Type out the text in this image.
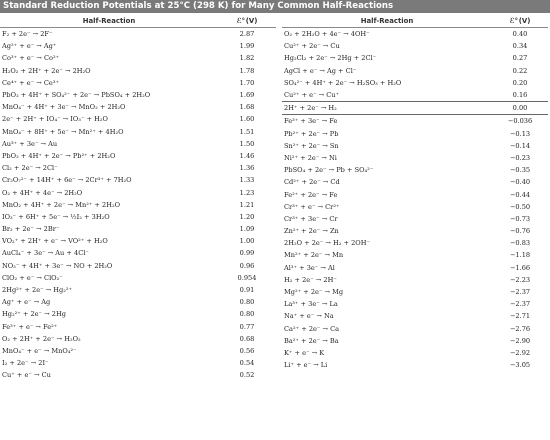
Standard Reduction Potentials at 25°C (298 K) for Many Common Half-Reactions
Half-Reaction	ℰ° (V)
F₂ + 2e⁻ → 2F⁻	2.87
Ag²⁺ + e⁻ → Ag⁺	1.99
Co³⁺ + e⁻ → Co²⁺	1.82
H₂O₂ + 2H⁺ + 2e⁻ → 2H₂O	1.78
Ce⁴⁺ + e⁻ → Ce³⁺	1.70
PbO₂ + 4H⁺ + SO₄²⁻ + 2e⁻ → PbSO₄ + 2H₂O	1.69
MnO₄⁻ + 4H⁺ + 3e⁻ → MnO₂ + 2H₂O	1.68
2e⁻ + 2H⁺ + IO₄⁻ → IO₃⁻ + H₂O	1.60
MnO₄⁻ + 8H⁺ + 5e⁻ → Mn²⁺ + 4H₂O	1.51
Au³⁺ + 3e⁻ → Au	1.50
PbO₂ + 4H⁺ + 2e⁻ → Pb²⁺ + 2H₂O	1.46
Cl₂ + 2e⁻ → 2Cl⁻	1.36
Cr₂O₇²⁻ + 14H⁺ + 6e⁻ → 2Cr³⁺ + 7H₂O	1.33
O₂ + 4H⁺ + 4e⁻ → 2H₂O	1.23
MnO₂ + 4H⁺ + 2e⁻ → Mn²⁺ + 2H₂O	1.21
IO₃⁻ + 6H⁺ + 5e⁻ → ½I₂ + 3H₂O	1.20
Br₂ + 2e⁻ → 2Br⁻	1.09
VO₂⁺ + 2H⁺ + e⁻ → VO²⁺ + H₂O	1.00
AuCl₄⁻ + 3e⁻ → Au + 4Cl⁻	0.99
NO₃⁻ + 4H⁺ + 3e⁻ → NO + 2H₂O	0.96
ClO₂ + e⁻ → ClO₂⁻	0.954
2Hg²⁺ + 2e⁻ → Hg₂²⁺	0.91
Ag⁺ + e⁻ → Ag	0.80
Hg₂²⁺ + 2e⁻ → 2Hg	0.80
Fe³⁺ + e⁻ → Fe²⁺	0.77
O₂ + 2H⁺ + 2e⁻ → H₂O₂	0.68
MnO₄⁻ + e⁻ → MnO₄²⁻	0.56
I₂ + 2e⁻ → 2I⁻	0.54
Cu⁺ + e⁻ → Cu	0.52
Half-Reaction	ℰ° (V)
O₂ + 2H₂O + 4e⁻ → 4OH⁻	0.40
Cu²⁺ + 2e⁻ → Cu	0.34
Hg₂Cl₂ + 2e⁻ → 2Hg + 2Cl⁻	0.27
AgCl + e⁻ → Ag + Cl⁻	0.22
SO₄²⁻ + 4H⁺ + 2e⁻ → H₂SO₃ + H₂O	0.20
Cu²⁺ + e⁻ → Cu⁺	0.16
2H⁺ + 2e⁻ → H₂	0.00
Fe³⁺ + 3e⁻ → Fe	−0.036
Pb²⁺ + 2e⁻ → Pb	−0.13
Sn²⁺ + 2e⁻ → Sn	−0.14
Ni²⁺ + 2e⁻ → Ni	−0.23
PbSO₄ + 2e⁻ → Pb + SO₄²⁻	−0.35
Cd²⁺ + 2e⁻ → Cd	−0.40
Fe²⁺ + 2e⁻ → Fe	−0.44
Cr³⁺ + e⁻ → Cr²⁺	−0.50
Cr³⁺ + 3e⁻ → Cr	−0.73
Zn²⁺ + 2e⁻ → Zn	−0.76
2H₂O + 2e⁻ → H₂ + 2OH⁻	−0.83
Mn²⁺ + 2e⁻ → Mn	−1.18
Al³⁺ + 3e⁻ → Al	−1.66
H₂ + 2e⁻ → 2H⁻	−2.23
Mg²⁺ + 2e⁻ → Mg	−2.37
La³⁺ + 3e⁻ → La	−2.37
Na⁺ + e⁻ → Na	−2.71
Ca²⁺ + 2e⁻ → Ca	−2.76
Ba²⁺ + 2e⁻ → Ba	−2.90
K⁺ + e⁻ → K	−2.92
Li⁺ + e⁻ → Li	−3.05
